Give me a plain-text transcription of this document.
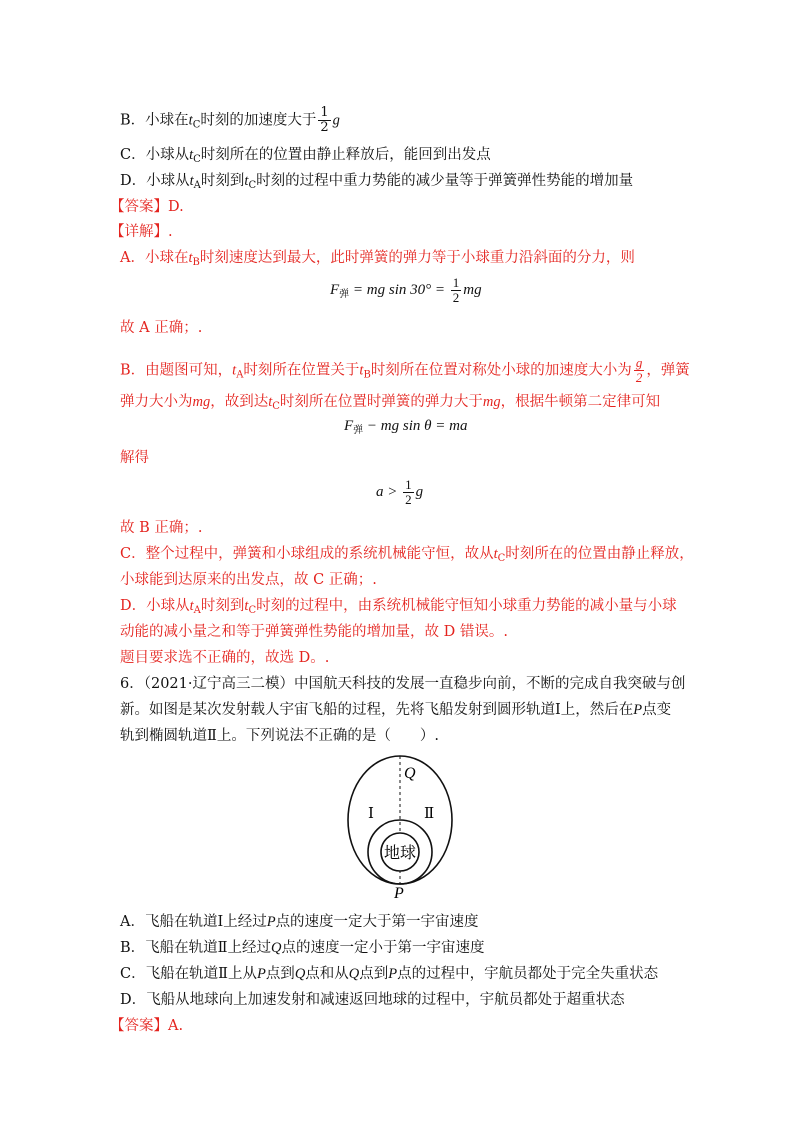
B．小球在$t_C$时刻的加速度大于 $\frac{1}{2}$ g
C．小球从$t_C$时刻所在的位置由静止释放后，能回到出发点
D．小球从$t_A$时刻到$t_C$时刻的过程中重力势能的减少量等于弹簧弹性势能的增加量
【答案】D.
【详解】.
A．小球在$t_B$时刻速度达到最大，此时弹簧的弹力等于小球重力沿斜面的分力，则
$F_弹$ = mg $\sin 30^\circ = \frac{1}{2}$ mg
故 A 正确；.
B．由题图可知，$t_A$时刻所在位置关于$t_B$时刻所在位置对称处小球的加速度大小为 $\frac{g}{2}$ ，弹簧
弹力大小为mg，故到达$t_C$时刻所在位置时弹簧的弹力大于mg，根据牛顿第二定律可知
$F_弹$ − mg sin θ = ma
解得
$a > \frac{1}{2}$ g
故 B 正确；.
C．整个过程中，弹簧和小球组成的系统机械能守恒，故从$t_C$时刻所在的位置由静止释放，
小球能到达原来的出发点，故 C 正确；.
D．小球从$t_A$时刻到$t_C$时刻的过程中，由系统机械能守恒知小球重力势能的减小量与小球
动能的减小量之和等于弹簧弹性势能的增加量，故 D 错误。.
题目要求选不正确的，故选 D。.
6．（2021·辽宁高三二模）中国航天科技的发展一直稳步向前，不断的完成自我突破与创
新。如图是某次发射载人宇宙飞船的过程，先将飞船发射到圆形轨道Ⅰ上，然后在P点变
轨到椭圆轨道Ⅱ上。下列说法不正确的是（　　）.
Q
Ⅰ	Ⅱ
地球
P
A．飞船在轨道Ⅰ上经过P点的速度一定大于第一宇宙速度
B．飞船在轨道Ⅱ上经过Q点的速度一定小于第一宇宙速度
C．飞船在轨道Ⅱ上从P点到Q点和从Q点到P点的过程中，宇航员都处于完全失重状态
D．飞船从地球向上加速发射和减速返回地球的过程中，宇航员都处于超重状态
【答案】A.
